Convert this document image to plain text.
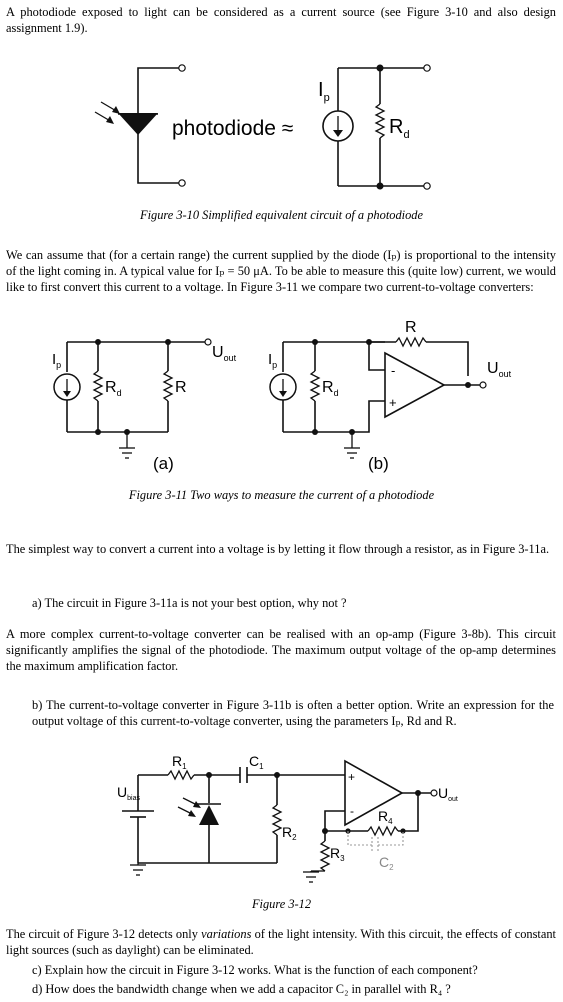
A photodiode exposed to light can be considered as a current source (see Figure 3-10 and also design assignment 1.9).

photodiode ≈
$I_p$
$R_d$

Figure 3-10 Simplified equivalent circuit of a photodiode

We can assume that (for a certain range) the current supplied by the diode (Iₚ) is proportional to the intensity of the light coming in. A typical value for Iₚ = 50 μA. To be able to measure this (quite low) current, we would like to first convert this current to a voltage. In Figure 3-11 we compare two current-to-voltage converters:

$I_p$
$R_d$	R
$U_{out}$
(a)
$I_p$
$R_d$
R
$U_{out}$
-
+
(b)

Figure 3-11 Two ways to measure the current of a photodiode

The simplest way to convert a current into a voltage is by letting it flow through a resistor, as in Figure 3-11a.

a) The circuit in Figure 3-11a is not your best option, why not ?

A more complex current-to-voltage converter can be realised with an op-amp (Figure 3-8b). This circuit significantly amplifies the signal of the photodiode. The maximum output voltage of the op-amp determines the maximum amplification factor.

b) The current-to-voltage converter in Figure 3-11b is often a better option. Write an expression for the output voltage of this current-to-voltage converter, using the parameters Iₚ, Rd and R.

$R_1$	$C_1$
$U_{bias}$
$R_2$
$R_3$
$R_4$
$C_2$
$U_{out}$
+
-

Figure 3-12

The circuit of Figure 3-12 detects only variations of the light intensity. With this circuit, the effects of constant light sources (such as daylight) can be eliminated.

c) Explain how the circuit in Figure 3-12 works. What is the function of each component?

d) How does the bandwidth change when we add a capacitor C₂ in parallel with R₄ ?
